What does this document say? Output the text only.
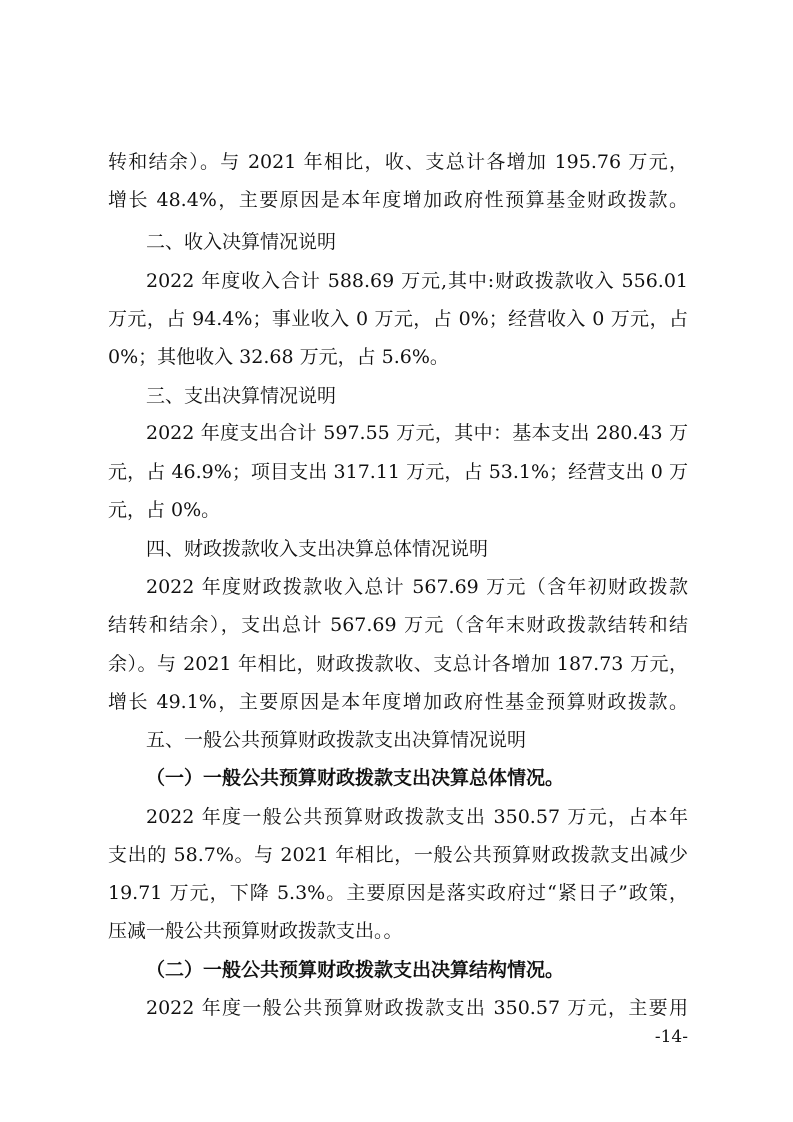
转和结余）。与 2021 年相比，收、支总计各增加 195.76 万元，
增长 48.4%，主要原因是本年度增加政府性预算基金财政拨款。
二、收入决算情况说明
2022 年度收入合计 588.69 万元,其中:财政拨款收入 556.01
万元，占 94.4%；事业收入 0 万元，占 0%；经营收入 0 万元，占
0%；其他收入 32.68 万元，占 5.6%。
三、支出决算情况说明
2022 年度支出合计 597.55 万元，其中：基本支出 280.43 万
元，占 46.9%；项目支出 317.11 万元，占 53.1%；经营支出 0 万
元，占 0%。
四、财政拨款收入支出决算总体情况说明
2022 年度财政拨款收入总计 567.69 万元（含年初财政拨款
结转和结余），支出总计 567.69 万元（含年末财政拨款结转和结
余）。与 2021 年相比，财政拨款收、支总计各增加 187.73 万元，
增长 49.1%，主要原因是本年度增加政府性基金预算财政拨款。
五、一般公共预算财政拨款支出决算情况说明
（一）一般公共预算财政拨款支出决算总体情况。
2022 年度一般公共预算财政拨款支出 350.57 万元，占本年
支出的 58.7%。与 2021 年相比，一般公共预算财政拨款支出减少
19.71 万元，下降 5.3%。主要原因是落实政府过“紧日子”政策，
压减一般公共预算财政拨款支出。。
（二）一般公共预算财政拨款支出决算结构情况。
2022 年度一般公共预算财政拨款支出 350.57 万元，主要用
-14-
